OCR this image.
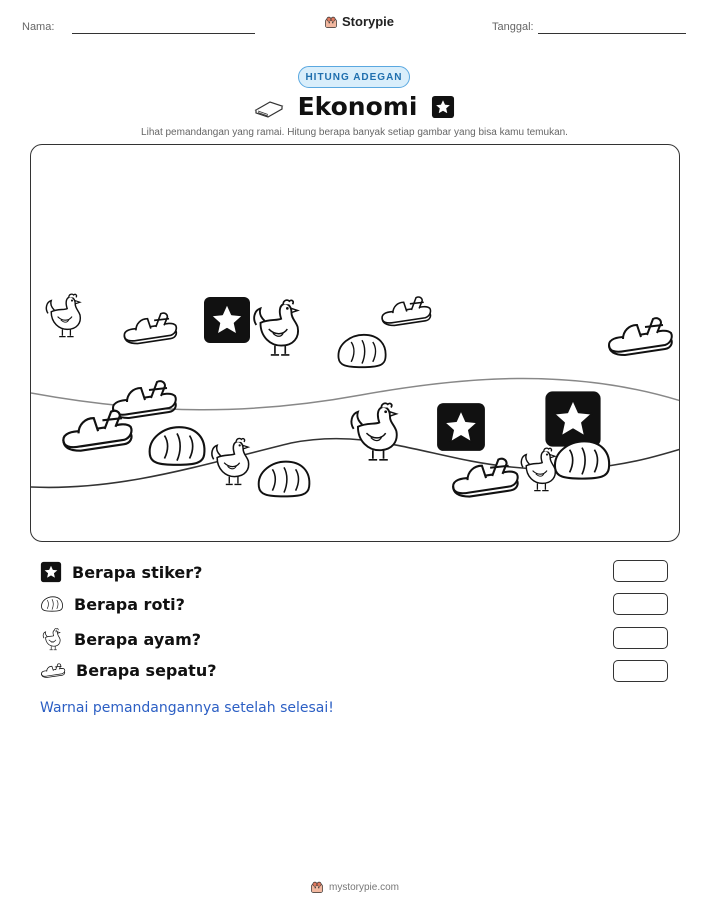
Nama:	Storypie	Tanggal:
HITUNG ADEGAN
Ekonomi
Lihat pemandangan yang ramai. Hitung berapa banyak setiap gambar yang bisa kamu temukan.
Berapa stiker?
Berapa roti?
Berapa ayam?
Berapa sepatu?
Warnai pemandangannya setelah selesai!
mystorypie.com
